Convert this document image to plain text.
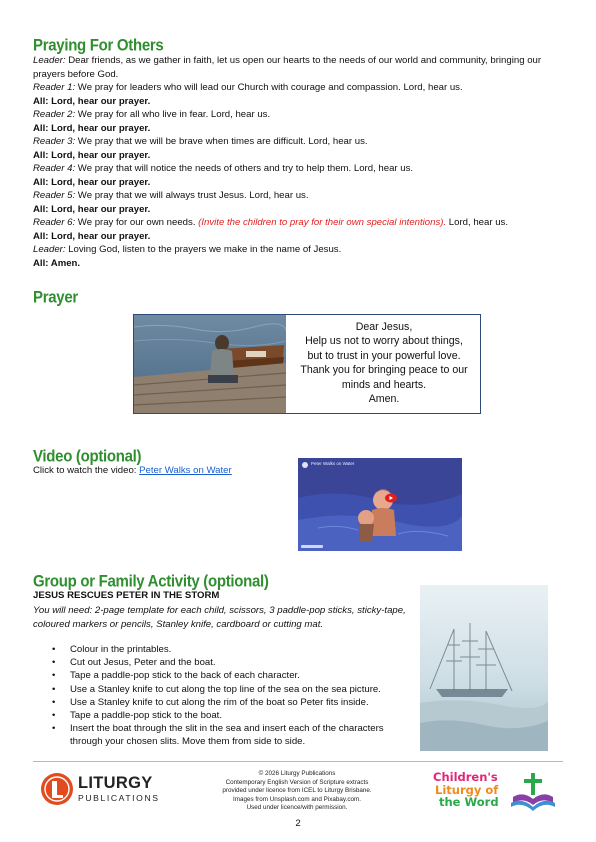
Praying For Others

Leader: Dear friends, as we gather in faith, let us open our hearts to the needs of our world and community, bringing our prayers before God.

Reader 1: We pray for leaders who will lead our Church with courage and compassion. Lord, hear us.

All: Lord, hear our prayer.

Reader 2: We pray for all who live in fear. Lord, hear us.

All: Lord, hear our prayer.

Reader 3: We pray that we will be brave when times are difficult. Lord, hear us.

All: Lord, hear our prayer.

Reader 4: We pray that will notice the needs of others and try to help them. Lord, hear us.

All: Lord, hear our prayer.

Reader 5: We pray that we will always trust Jesus. Lord, hear us.

All: Lord, hear our prayer.

Reader 6: We pray for our own needs. (Invite the children to pray for their own special intentions). Lord, hear us.

All: Lord, hear our prayer.

Leader: Loving God, listen to the prayers we make in the name of Jesus.

All: Amen.

Prayer

Dear Jesus,

Help us not to worry about things,

but to trust in your powerful love.

Thank you for bringing peace to our

minds and hearts.

Amen.

Video (optional)
Click to watch the video: Peter Walks on Water
Peter Walks on Water
Group or Family Activity (optional)
JESUS RESCUES PETER IN THE STORM
You will need: 2-page template for each child, scissors, 3 paddle-pop sticks, sticky-tape, coloured markers or pencils, Stanley knife, cardboard or cutting mat.
• Colour in the printables.
• Cut out Jesus, Peter and the boat.
• Tape a paddle-pop stick to the back of each character.
• Use a Stanley knife to cut along the top line of the sea on the sea picture.
• Use a Stanley knife to cut along the rim of the boat so Peter fits inside.
• Tape a paddle-pop stick to the boat.
• Insert the boat through the slit in the sea and insert each of the characters through your chosen slits. Move them from side to side.
LITURGY
PUBLICATIONS

© 2026 Liturgy Publications

Contemporary English Version of Scripture extracts

provided under licence from ICEL to Liturgy Brisbane.

Images from Unsplash.com and Pixabay.com.

Used under licence/with permission.

2
Children's
Liturgy of
the Word
